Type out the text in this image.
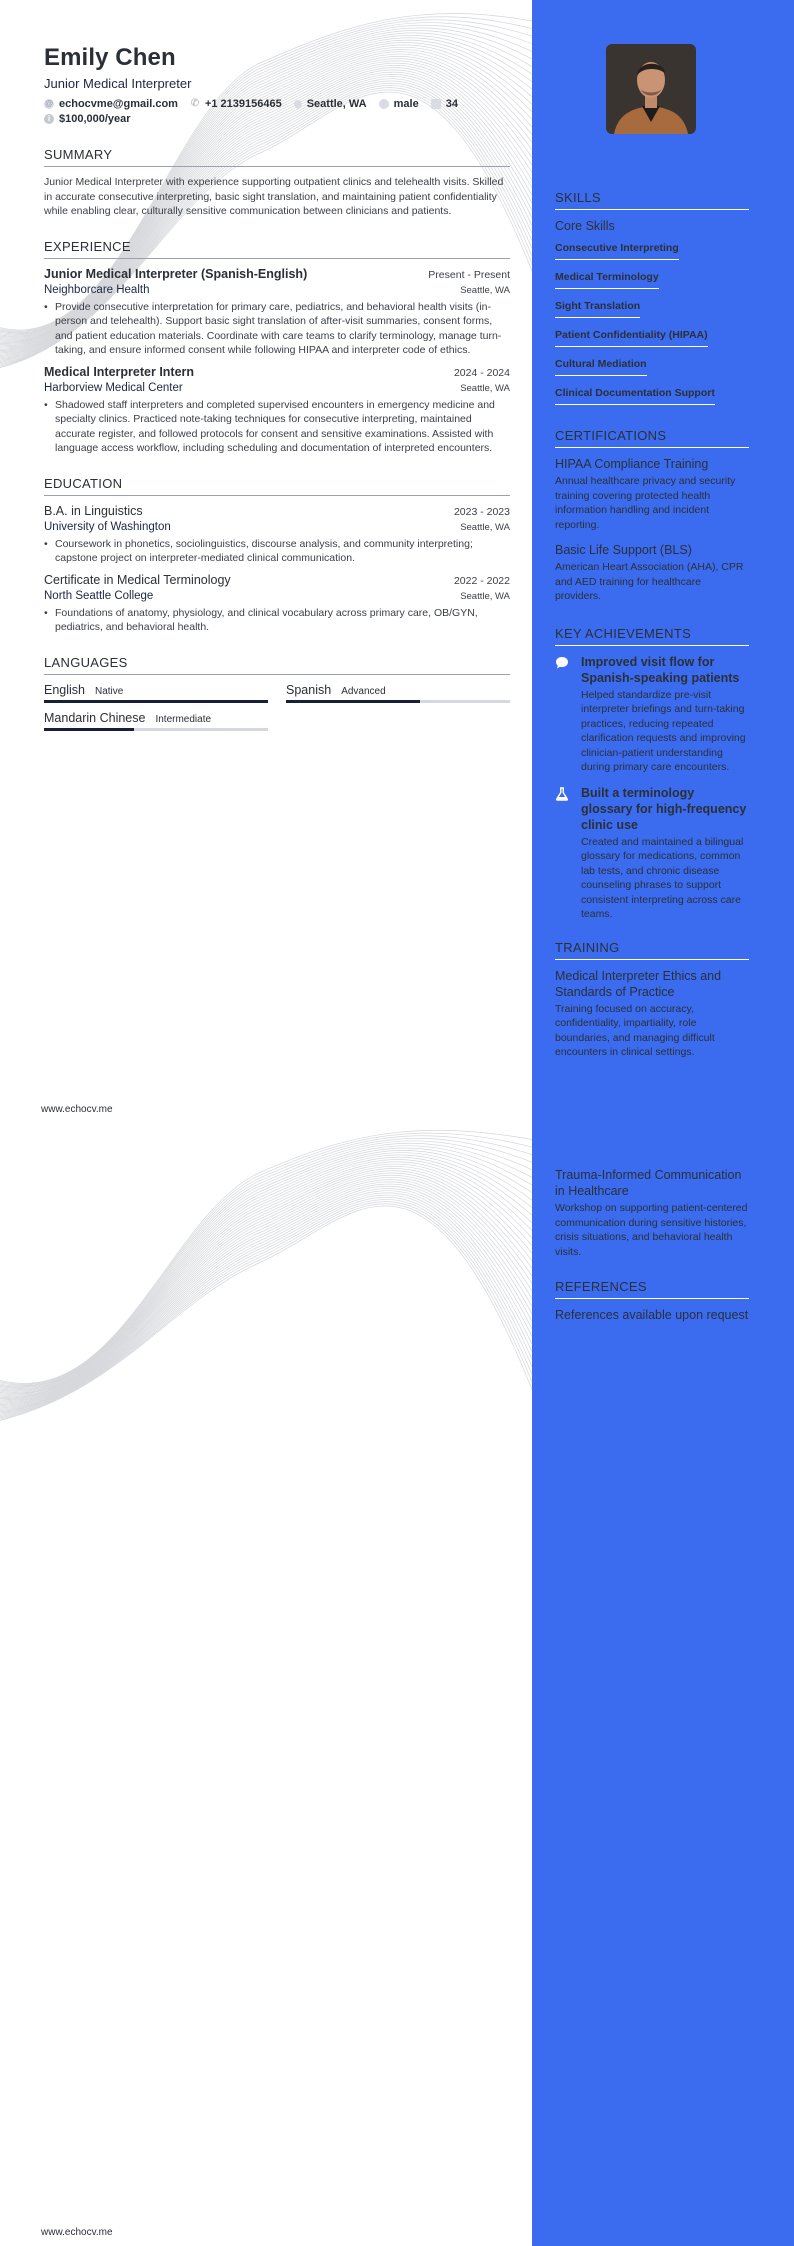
Emily Chen
Junior Medical Interpreter
@ echocvme@gmail.com ✆ +1 2139156465 Seattle, WA male 34
i $100,000/year
SUMMARY
Junior Medical Interpreter with experience supporting outpatient clinics and telehealth visits. Skilled in accurate consecutive interpreting, basic sight translation, and maintaining patient confidentiality while enabling clear, culturally sensitive communication between clinicians and patients.
EXPERIENCE
Junior Medical Interpreter (Spanish-English)	Present - Present
Neighborcare Health	Seattle, WA
• Provide consecutive interpretation for primary care, pediatrics, and behavioral health visits (in-person and telehealth). Support basic sight translation of after-visit summaries, consent forms, and patient education materials. Coordinate with care teams to clarify terminology, manage turn-taking, and ensure informed consent while following HIPAA and interpreter code of ethics.
Medical Interpreter Intern	2024 - 2024
Harborview Medical Center	Seattle, WA
• Shadowed staff interpreters and completed supervised encounters in emergency medicine and specialty clinics. Practiced note-taking techniques for consecutive interpreting, maintained accurate register, and followed protocols for consent and sensitive examinations. Assisted with language access workflow, including scheduling and documentation of interpreted encounters.
EDUCATION
B.A. in Linguistics	2023 - 2023
University of Washington	Seattle, WA
• Coursework in phonetics, sociolinguistics, discourse analysis, and community interpreting; capstone project on interpreter-mediated clinical communication.
Certificate in Medical Terminology	2022 - 2022
North Seattle College	Seattle, WA
• Foundations of anatomy, physiology, and clinical vocabulary across primary care, OB/GYN, pediatrics, and behavioral health.
LANGUAGES
English Native	Spanish Advanced
Mandarin Chinese Intermediate
SKILLS
Core Skills
Consecutive Interpreting
Medical Terminology
Sight Translation
Patient Confidentiality (HIPAA)
Cultural Mediation
Clinical Documentation Support
CERTIFICATIONS
HIPAA Compliance Training
Annual healthcare privacy and security training covering protected health information handling and incident reporting.
Basic Life Support (BLS)
American Heart Association (AHA), CPR and AED training for healthcare providers.
KEY ACHIEVEMENTS
Improved visit flow for Spanish-speaking patients
Helped standardize pre-visit interpreter briefings and turn-taking practices, reducing repeated clarification requests and improving clinician-patient understanding during primary care encounters.
Built a terminology glossary for high-frequency clinic use
Created and maintained a bilingual glossary for medications, common lab tests, and chronic disease counseling phrases to support consistent interpreting across care teams.
TRAINING
Medical Interpreter Ethics and Standards of Practice
Training focused on accuracy, confidentiality, impartiality, role boundaries, and managing difficult encounters in clinical settings.
www.echocv.me
Trauma-Informed Communication in Healthcare
Workshop on supporting patient-centered communication during sensitive histories, crisis situations, and behavioral health visits.
REFERENCES
References available upon request
www.echocv.me
